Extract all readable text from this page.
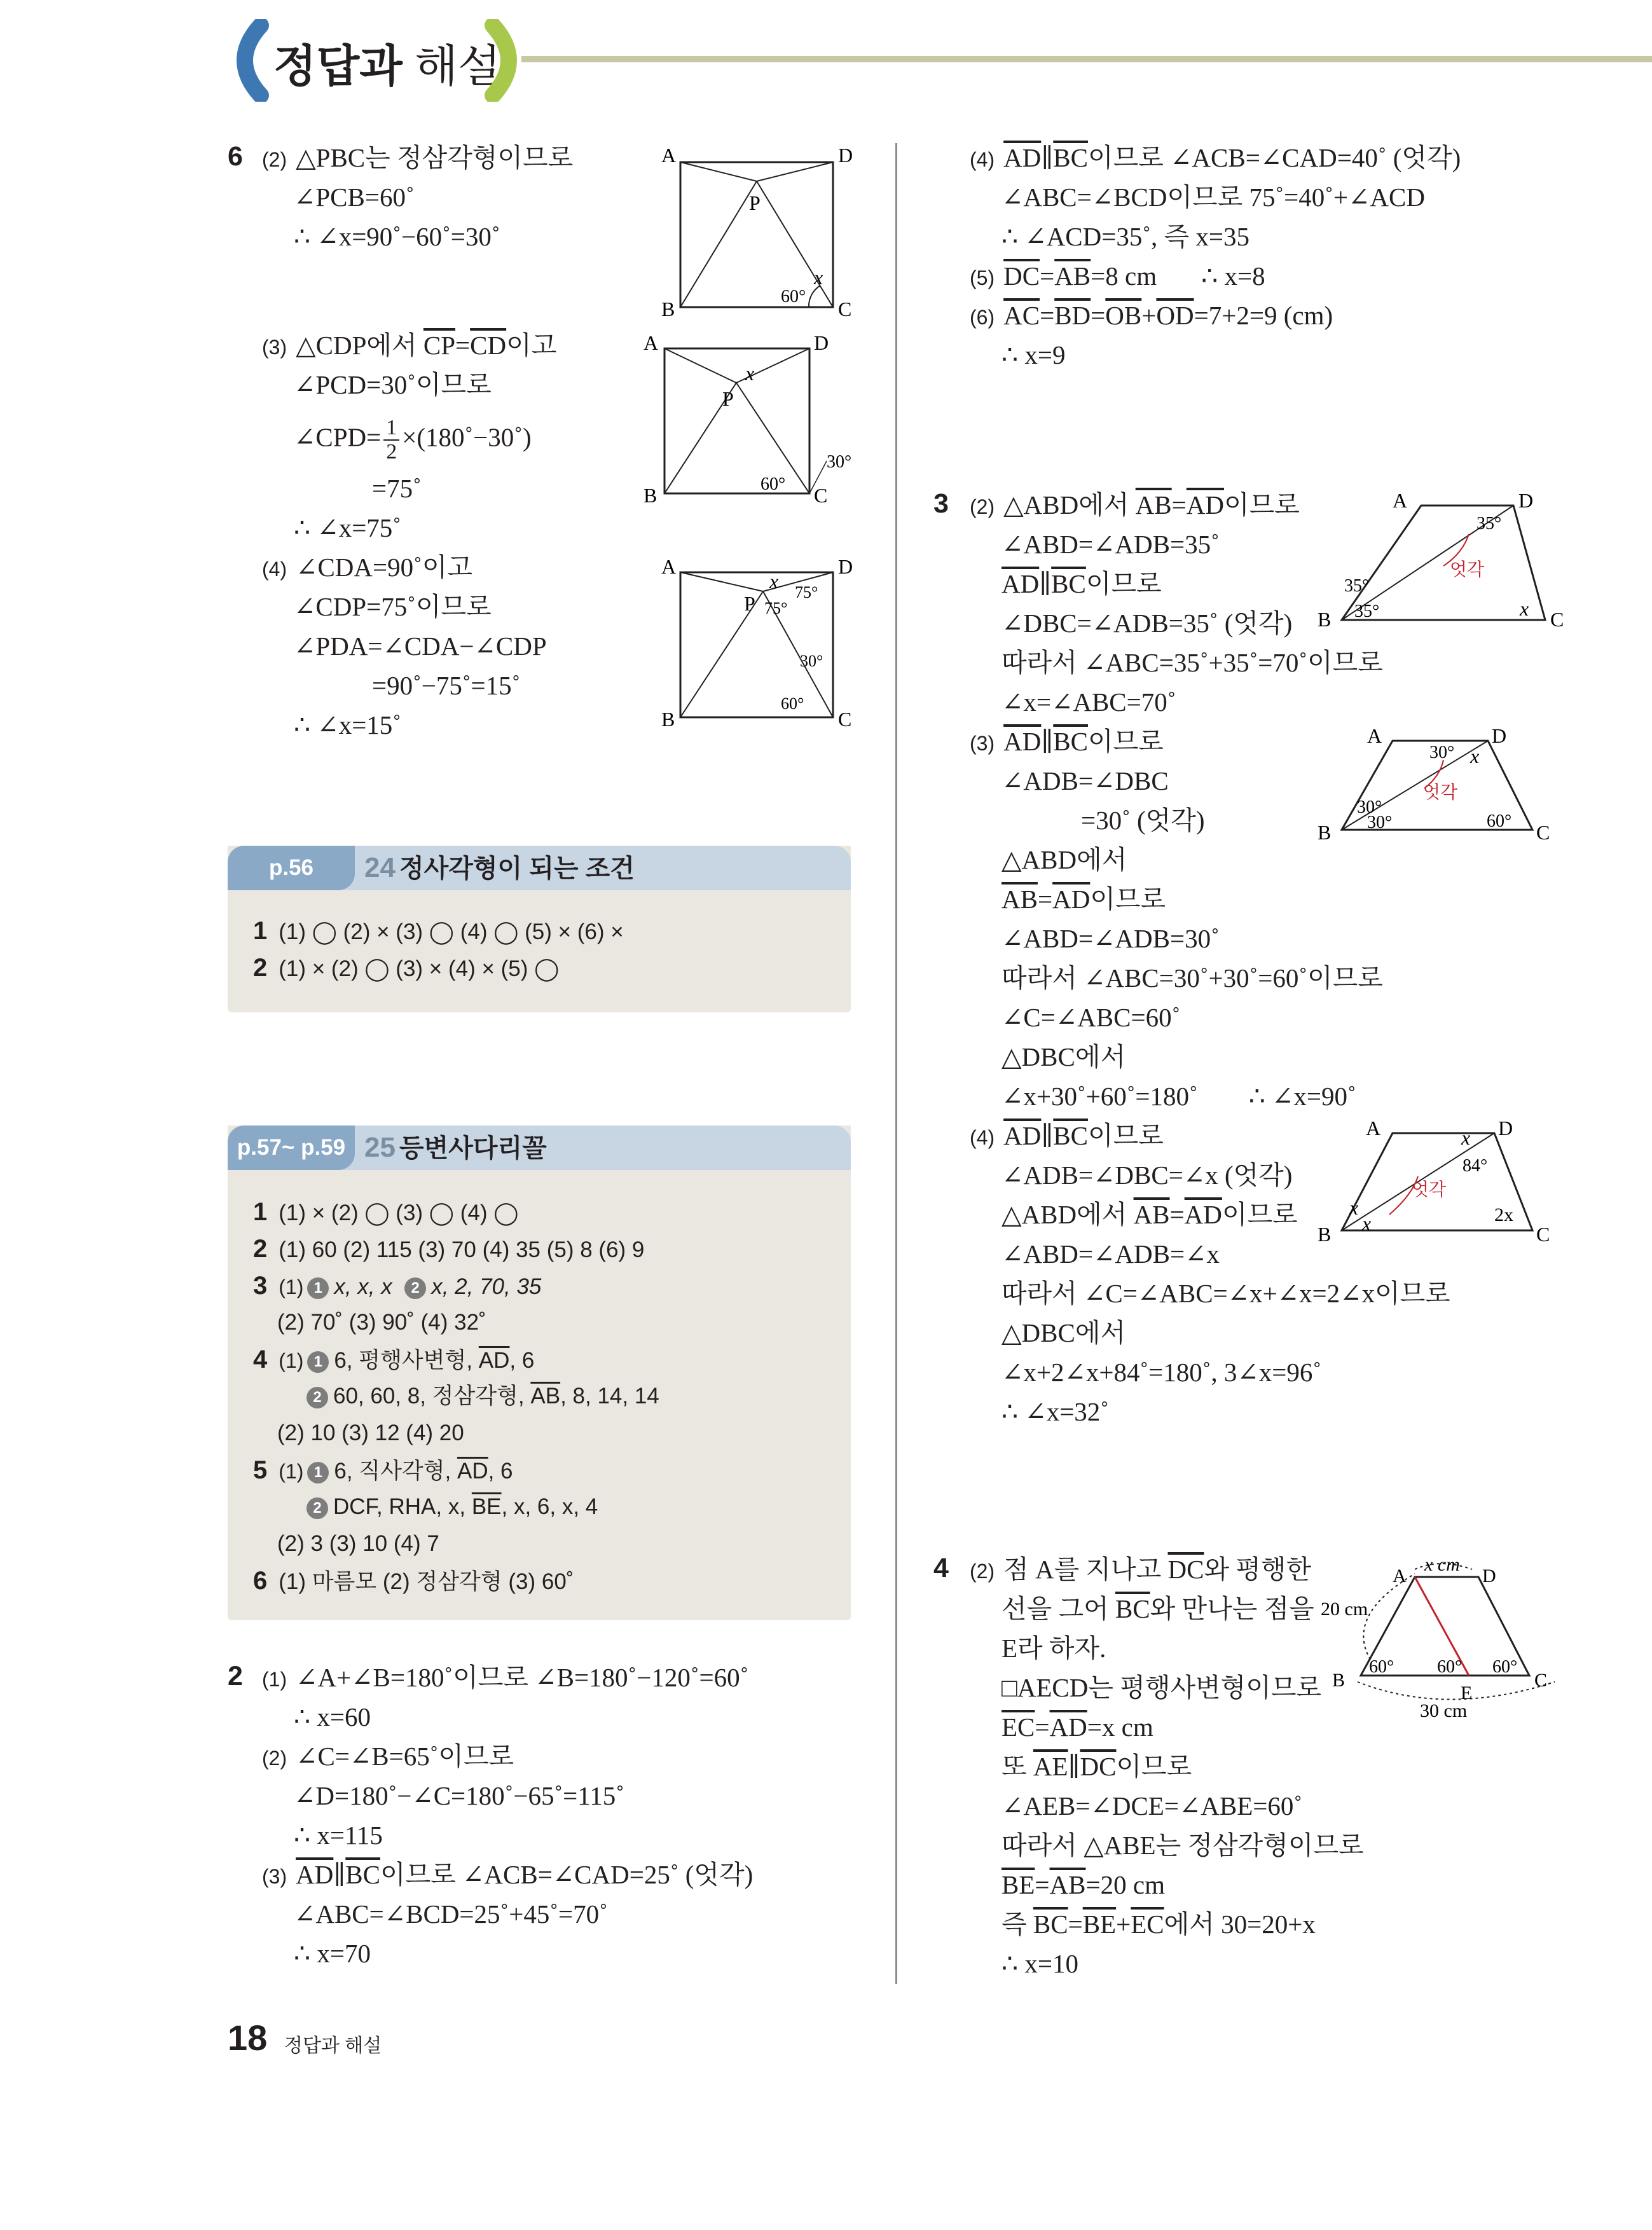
정답과 해설
6 (2) △PBC는 정삼각형이므로
∠PCB=60˚
∴ ∠x=90˚−60˚=30˚
(3) △CDP에서 $\overline{CP}=\overline{CD}$이고
∠PCD=30˚이므로
∠CPD= $\frac{1}{2}$ ×(180˚−30˚)
=75˚
∴ ∠x=75˚
(4) ∠CDA=90˚이고
∠CDP=75˚이므로
∠PDA=∠CDA−∠CDP
=90˚−75˚=15˚
∴ ∠x=15˚
A	D
B	C
P
x
60°
A	D
B	C
P
x
60°
30°
A	D
B	C
P
x
75°
75°
30°
60°
p.56	24 정사각형이 되는 조건
1 (1) ◯ (2) × (3) ◯ (4) ◯ (5) × (6) ×
2 (1) × (2) ◯ (3) × (4) × (5) ◯
p.57~ p.59 25 등변사다리꼴
1 (1) × (2) ◯ (3) ◯ (4) ◯
2 (1) 60 (2) 115 (3) 70 (4) 35 (5) 8 (6) 9
3 (1) 1 x, x, x 2 x, 2, 70, 35
(2) 70˚ (3) 90˚ (4) 32˚
4 (1) 1 6, 평행사변형, $\overline{AD}$, 6
2 60, 60, 8, 정삼각형, $\overline{AB}$, 8, 14, 14
(2) 10 (3) 12 (4) 20
5 (1) 1 6, 직사각형, $\overline{AD}$, 6
2 DCF, RHA, x, $\overline{BE}$, x, 6, x, 4
(2) 3 (3) 10 (4) 7
6 (1) 마름모 (2) 정삼각형 (3) 60˚
2 (1) ∠A+∠B=180˚이므로 ∠B=180˚−120˚=60˚
∴ x=60
(2) ∠C=∠B=65˚이므로
∠D=180˚−∠C=180˚−65˚=115˚
∴ x=115
(3) $\overline{AD}\parallel\overline{BC}$이므로 ∠ACB=∠CAD=25˚ (엇각)
∠ABC=∠BCD=25˚+45˚=70˚
∴ x=70
(4) $\overline{AD}\parallel\overline{BC}$이므로 ∠ACB=∠CAD=40˚ (엇각)
∠ABC=∠BCD이므로 75˚=40˚+∠ACD
∴ ∠ACD=35˚, 즉 x=35
(5) $\overline{DC}=\overline{AB}=8$ cm ∴ x=8
(6) $\overline{AC}=\overline{BD}=\overline{OB}+\overline{OD}=7+2=9$ (cm)
∴ x=9
3 (2) △ABD에서 $\overline{AB}=\overline{AD}$이므로
∠ABD=∠ADB=35˚
$\overline{AD}\parallel\overline{BC}$이므로
∠DBC=∠ADB=35˚ (엇각)
따라서 ∠ABC=35˚+35˚=70˚이므로
∠x=∠ABC=70˚
(3) $\overline{AD}\parallel\overline{BC}$이므로
∠ADB=∠DBC
=30˚ (엇각)
△ABD에서
$\overline{AB}=\overline{AD}$이므로
∠ABD=∠ADB=30˚
따라서 ∠ABC=30˚+30˚=60˚이므로
∠C=∠ABC=60˚
△DBC에서
∠x+30˚+60˚=180˚ ∴ ∠x=90˚
(4) $\overline{AD}\parallel\overline{BC}$이므로
∠ADB=∠DBC=∠x (엇각)
△ABD에서 $\overline{AB}=\overline{AD}$이므로
∠ABD=∠ADB=∠x
따라서 ∠C=∠ABC=∠x+∠x=2∠x이므로
△DBC에서
∠x+2∠x+84˚=180˚, 3∠x=96˚
∴ ∠x=32˚
A	D
B	C
x
35°
35°
35°
엇각
A	D
B	C
x
30°
30°
30°	60°
엇각
A	D
B	C
x
x
x
84°
2x
엇각
4 (2) 점 A를 지나고 $\overline{DC}$와 평행한
선을 그어 $\overline{BC}$와 만나는 점을
E라 하자.
□AECD는 평행사변형이므로
$\overline{EC}=\overline{AD}=x$ cm
또 $\overline{AE}\parallel\overline{DC}$이므로
∠AEB=∠DCE=∠ABE=60˚
따라서 △ABE는 정삼각형이므로
$\overline{BE}=\overline{AB}=20$ cm
즉 $\overline{BC}=\overline{BE}+\overline{EC}$에서 30=20+x
∴ x=10
A	D
B	C
E
x cm
20 cm
30 cm
60° 60° 60°
18 정답과 해설
